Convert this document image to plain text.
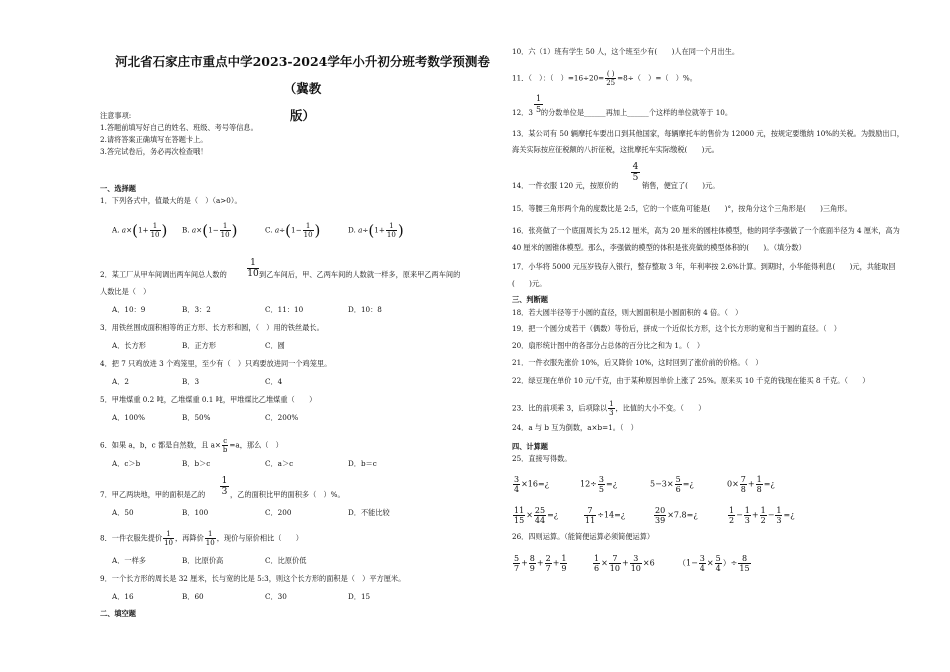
河北省石家庄市重点中学2023-2024学年小升初分班考数学预测卷（冀教
版）
注意事项:
1.答题前填写好自己的姓名、班级、考号等信息。
2.请将答案正确填写在答题卡上。
3.答完试卷后，务必再次检查哦！
一、选择题
1．下列各式中，值最大的是（　）（a>0）。
A. $a\times(1+ \frac{1}{10}$ ) B. $a\times(1- \frac{1}{10}$ )	C. $a\div(1- \frac{1}{10}$ )	D. $a\div(1+ \frac{1}{10}$ )
2．某工厂从甲车间调出两车间总人数的
1
10 到乙车间后，甲、乙两车间的人数就一样多，原来甲乙两车间的
人数比是（　）
A．10：9	B．3：2	C．11：10	D．10：8
3．用铁丝围成面积相等的正方形、长方形和圆，（　）用的铁丝最长。
A．长方形	B．正方形	C．圆
4．把 7 只鸡放进 3 个鸡笼里，至少有（　）只鸡要放进同一个鸡笼里。
A．2	B．3	C．4
5．甲堆煤重 0.2 吨，乙堆煤重 0.1 吨，甲堆煤比乙堆煤重（　　）
A．100%	B．50%	C．200%
6．如果 a，b，c 都是自然数，且 $a\times \frac{c}{b} =a$，那么（　）
A．c＞b	B．b＞c	C．a＞c	D．b＝c
7．甲乙两块地，甲的面积是乙的
1
3 ，乙的面积比甲的面积多（　）%。
A．50	B．100	C．200	D．不能比较
8．一件衣服先提价 $\frac{1}{10}$ ，再降价 $\frac{1}{10}$ ，现价与原价相比（　　）
A．一样多	B．比原价高	C．比原价低
9．一个长方形的周长是 32 厘米，长与宽的比是 5:3，则这个长方形的面积是（　）平方厘米。
A．16	B．60	C．30	D．15
二、填空题
10．六（1）班有学生 50 人，这个班至少有(　　)人在同一个月出生。
11．（　）：（　）$=16\div 20= \frac{( )}{25} =8\div$（　）=（　）%。
1
5
12．3 的分数单位是______再加上______个这样的单位就等于 10。
13．某公司有 50 辆摩托车要出口到其他国家，每辆摩托车的售价为 12000 元，按规定要缴纳 10%的关税。为鼓励出口，海关实际按应征税额的八折征税，这批摩托车实际缴税(　　)元。
14．一件衣服 120 元，按原价的
4
5
销售，便宜了(　　)元。
15．等腰三角形两个角的度数比是 2:5，它的一个底角可能是(　　)°，按角分这个三角形是(　　)三角形。
16．张亮做了一个底面周长为 25.12 厘米，高为 20 厘米的圆柱体模型，他的同学李强做了一个底面半径为 4 厘米，高为 40 厘米的圆锥体模型。那么，李强做的模型的体积是张亮做的模型体积的(　　)。（填分数）
17．小华将 5000 元压岁钱存入银行，整存整取 3 年，年利率按 2.6%计算。到期时，小华能得利息(　　)元，共能取回(　　)元。
三、判断题
18．若大圆半径等于小圆的直径，则大圆面积是小圆面积的 4 倍。（　）
19．把一个圆分成若干（偶数）等份后，拼成一个近似长方形，这个长方形的宽和当于圆的直径。（　）
20．扇形统计图中的各部分占总体的百分比之和为 1。（　）
21．一件衣服先涨价 10%，后又降价 10%，这时回到了涨价前的价格。（　）
22．绿豆现在单价 10 元/千克，由于某种原因单价上涨了 25%。原来买 10 千克的钱现在能买 8 千克。（　　）
23．比的前项乘 3，后项除以 $\frac{1}{3}$ ，比值的大小不变。（　　）
24．a 与 b 互为倒数，a×b=1。（　）
四、计算题
25．直接写得数。
$\frac{3}{4}$ ×16=¿	$12\div \frac{3}{5}$ =¿	$5-3\times \frac{5}{6}$ =¿	$0\times \frac{7}{8} + \frac{1}{8}$ =¿
$\frac{11}{15} \times \frac{25}{44}$ =¿	$\frac{7}{11}$ ÷14=¿	$\frac{20}{39}$ ×7.8=¿	$\frac{1}{2} - \frac{1}{3} + \frac{1}{2} - \frac{1}{3}$ =¿
26．四则运算。（能简便运算必须简便运算）
$\frac{5}{7} + \frac{8}{9} + \frac{2}{7} + \frac{1}{9}$	$\frac{1}{6} \times \frac{7}{10} + \frac{3}{10} \times 6$	（$1- \frac{3}{4} \times \frac{5}{4}$ ）÷ $\frac{8}{15}$
